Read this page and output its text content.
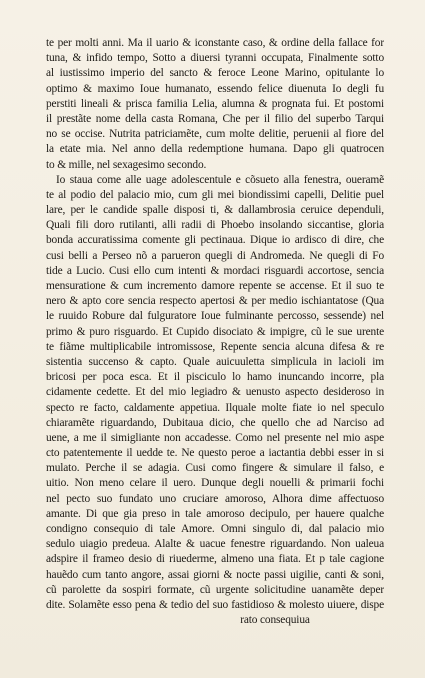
te per molti anni. Ma il uario & iconstante caso, & ordine della fallace for
tuna, & infido tempo, Sotto a diuersi tyranni occupata, Finalmente sotto
al iustissimo imperio del sancto & feroce Leone Marino, opitulante lo
optimo & maximo Ioue humanato, essendo felice diuenuta Io degli fu
perstiti lineali & prisca familia Lelia, alumna & prognata fui. Et postomi
il prestãte nome della casta Romana, Che per il filio del superbo Tarqui
no se occise. Nutrita patriciamẽte, cum molte delitie, peruenii al fiore del
la etate mia. Nel anno della redemptione humana. Dapo gli quatrocen
to & mille, nel sexagesimo secondo.
Io staua come alle uage adolescentule e cõsueto alla fenestra, oueramẽ
te al podio del palacio mio, cum gli mei biondissimi capelli, Delitie puel
lare, per le candide spalle disposi ti, & dallambrosia ceruice dependuli,
Quali fili doro rutilanti, alli radii di Phoebo insolando siccantise, gloria
bonda accuratissima comente gli pectinaua. Dique io ardisco di dire, che
cusi belli a Perseo nõ a parueron quegli di Andromeda. Ne quegli di Fo
tide a Lucio. Cusi ello cum intenti & mordaci risguardi accortose, sencia
mensuratione & cum incremento damore repente se accense. Et il suo te
nero & apto core sencia respecto apertosi & per medio ischiantatose (Qua
le ruuido Robure dal fulguratore Ioue fulminante percosso, sessende) nel
primo & puro risguardo. Et Cupido disociato & impigre, cũ le sue urente
te fiãme multiplicabile intromissose, Repente sencia alcuna difesa & re
sistentia succenso & capto. Quale auicuuletta simplicula in lacioli im
bricosi per poca esca. Et il pisciculo lo hamo inuncando incorre, pla
cidamente cedette. Et del mio legiadro & uenusto aspecto desideroso in
specto re facto, caldamente appetiua. Ilquale molte fiate io nel speculo
chiaramẽte riguardando, Dubitaua dicio, che quello che ad Narciso ad
uene, a me il simigliante non accadesse. Como nel presente nel mio aspe
cto patentemente il uedde te. Ne questo peroe a iactantia debbi esser in si
mulato. Perche il se adagia. Cusi como fingere & simulare il falso, e
uitio. Non meno celare il uero. Dunque degli nouelli & primarii fochi
nel pecto suo fundato uno cruciare amoroso, Alhora dime affectuoso
amante. Di que gia preso in tale amoroso decipulo, per hauere qualche
condigno consequio di tale Amore. Omni singulo di, dal palacio mio
sedulo uiagio predeua. Alalte & uacue fenestre riguardando. Non ualeua
adspire il frameo desio di riuederme, almeno una fiata. Et p tale cagione
hauẽdo cum tanto angore, assai giorni & nocte passi uigilie, canti & soni,
cũ parolette da sospiri formate, cũ urgente solicitudine uanamẽte deper
dite. Solamẽte esso pena & tedio del suo fastidioso & molesto uiuere, dispe
rato consequiua
